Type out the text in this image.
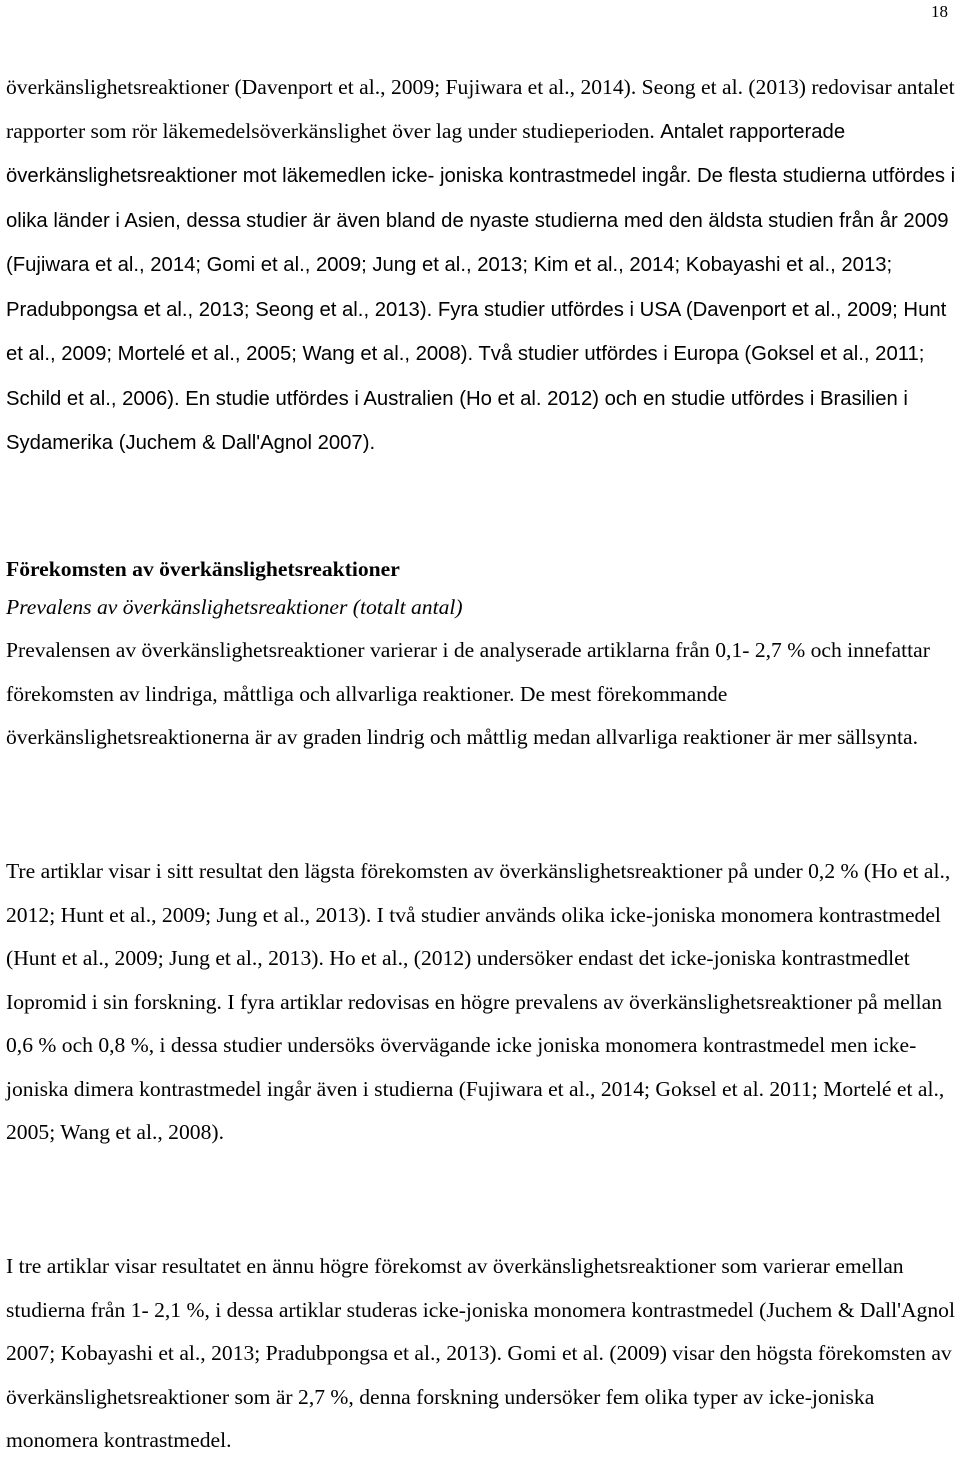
18

överkänslighetsreaktioner (Davenport et al., 2009; Fujiwara et al., 2014). Seong et al. (2013) redovisar antalet rapporter som rör läkemedelsöverkänslighet över lag under studieperioden. Antalet rapporterade överkänslighetsreaktioner mot läkemedlen icke- joniska kontrastmedel ingår. De flesta studierna utfördes i olika länder i Asien, dessa studier är även bland de nyaste studierna med den äldsta studien från år 2009 (Fujiwara et al., 2014; Gomi et al., 2009; Jung et al., 2013; Kim et al., 2014; Kobayashi et al., 2013; Pradubpongsa et al., 2013; Seong et al., 2013). Fyra studier utfördes i USA (Davenport et al., 2009; Hunt et al., 2009; Mortelé et al., 2005; Wang et al., 2008). Två studier utfördes i Europa (Goksel et al., 2011; Schild et al., 2006). En studie utfördes i Australien (Ho et al. 2012) och en studie utfördes i Brasilien i Sydamerika (Juchem & Dall'Agnol 2007).

Förekomsten av överkänslighetsreaktioner

Prevalens av överkänslighetsreaktioner (totalt antal)

Prevalensen av överkänslighetsreaktioner varierar i de analyserade artiklarna från 0,1- 2,7 % och innefattar förekomsten av lindriga, måttliga och allvarliga reaktioner. De mest förekommande överkänslighetsreaktionerna är av graden lindrig och måttlig medan allvarliga reaktioner är mer sällsynta.

Tre artiklar visar i sitt resultat den lägsta förekomsten av överkänslighetsreaktioner på under 0,2 % (Ho et al., 2012; Hunt et al., 2009; Jung et al., 2013). I två studier används olika icke-joniska monomera kontrastmedel (Hunt et al., 2009; Jung et al., 2013). Ho et al., (2012) undersöker endast det icke-joniska kontrastmedlet Iopromid i sin forskning. I fyra artiklar redovisas en högre prevalens av överkänslighetsreaktioner på mellan 0,6 % och 0,8 %, i dessa studier undersöks övervägande icke joniska monomera kontrastmedel men icke-joniska dimera kontrastmedel ingår även i studierna (Fujiwara et al., 2014; Goksel et al. 2011; Mortelé et al., 2005; Wang et al., 2008).

I tre artiklar visar resultatet en ännu högre förekomst av överkänslighetsreaktioner som varierar emellan studierna från 1- 2,1 %, i dessa artiklar studeras icke-joniska monomera kontrastmedel (Juchem & Dall'Agnol 2007; Kobayashi et al., 2013; Pradubpongsa et al., 2013). Gomi et al. (2009) visar den högsta förekomsten av överkänslighetsreaktioner som är 2,7 %, denna forskning undersöker fem olika typer av icke-joniska monomera kontrastmedel.
